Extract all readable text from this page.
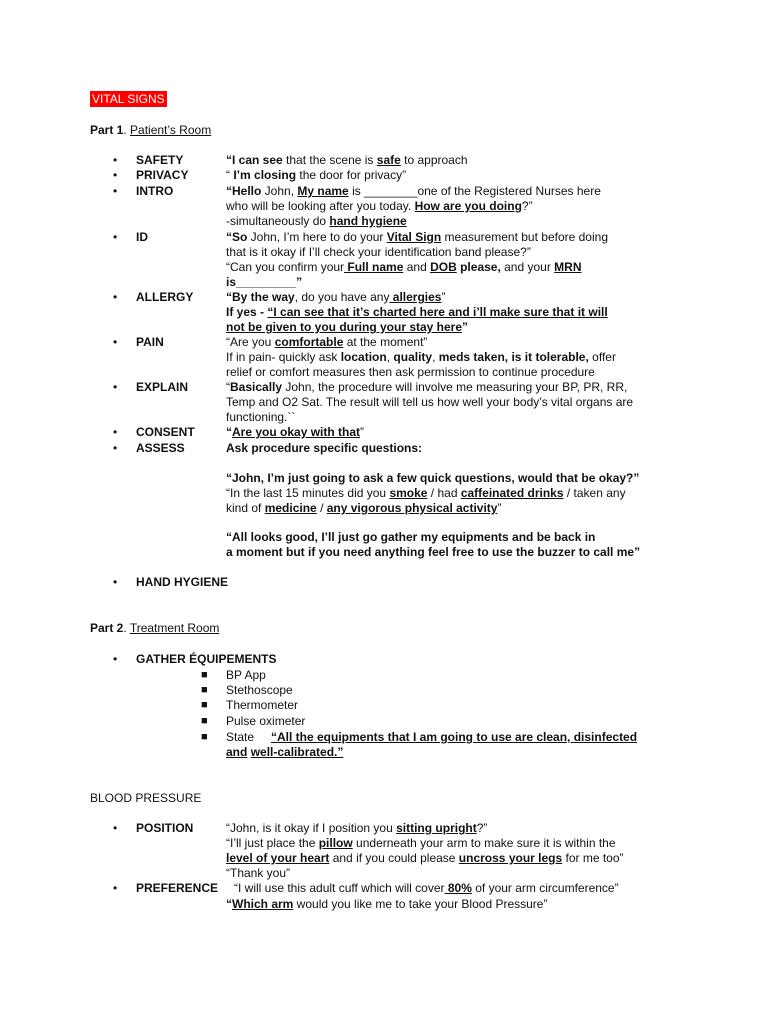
VITAL SIGNS
Part 1. Patient’s Room
•	SAFETY	“I can see that the scene is safe to approach
•	PRIVACY	“ I’m closing the door for privacy”
•	INTRO	“Hello John, My name is ________one of the Registered Nurses here
who will be looking after you today. How are you doing?”
-simultaneously do hand hygiene
•	ID	“So John, I’m here to do your Vital Sign measurement but before doing
that is it okay if I’ll check your identification band please?”
“Can you confirm your Full name and DOB please, and your MRN
is_________”
•	ALLERGY	“By the way, do you have any allergies”
If yes - “I can see that it’s charted here and i’ll make sure that it will
not be given to you during your stay here”
•	PAIN	“Are you comfortable at the moment”
If in pain- quickly ask location, quality, meds taken, is it tolerable, offer
relief or comfort measures then ask permission to continue procedure
•	EXPLAIN	“Basically John, the procedure will involve me measuring your BP, PR, RR,
Temp and O2 Sat. The result will tell us how well your body’s vital organs are
functioning.``
•	CONSENT	“Are you okay with that”
•	ASSESS	Ask procedure specific questions:
“John, I’m just going to ask a few quick questions, would that be okay?”
“In the last 15 minutes did you smoke / had caffeinated drinks / taken any
kind of medicine / any vigorous physical activity”
“All looks good, I’ll just go gather my equipments and be back in
a moment but if you need anything feel free to use the buzzer to call me”
•	HAND HYGIENE
Part 2. Treatment Room
•	GATHER ÉQUIPEMENTS
■ BP App
■ Stethoscope
■ Thermometer
■ Pulse oximeter
■ State “All the equipments that I am going to use are clean, disinfected
and well-calibrated.”
BLOOD PRESSURE
•	POSITION	“John, is it okay if I position you sitting upright?”
“I’ll just place the pillow underneath your arm to make sure it is within the
level of your heart and if you could please uncross your legs for me too”
“Thank you”
•	PREFERENCE “I will use this adult cuff which will cover 80% of your arm circumference”
“Which arm would you like me to take your Blood Pressure”
